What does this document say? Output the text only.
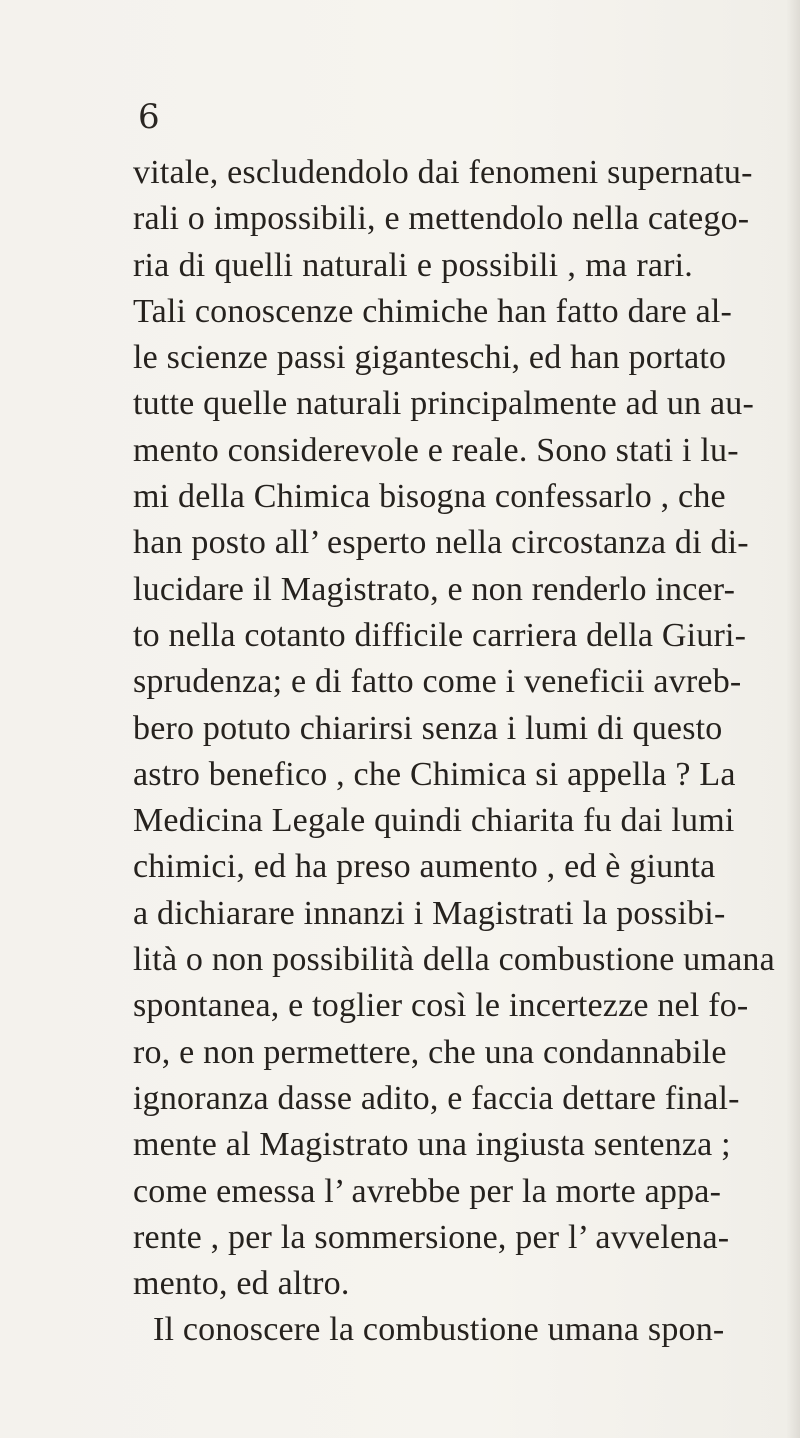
6
vitale, escludendolo dai fenomeni supernatu-
rali o impossibili, e mettendolo nella catego-
ria di quelli naturali e possibili , ma rari.
Tali conoscenze chimiche han fatto dare al-
le scienze passi giganteschi, ed han portato
tutte quelle naturali principalmente ad un au-
mento considerevole e reale. Sono stati i lu-
mi della Chimica bisogna confessarlo , che
han posto all’ esperto nella circostanza di di-
lucidare il Magistrato, e non renderlo incer-
to nella cotanto difficile carriera della Giuri-
sprudenza; e di fatto come i veneficii avreb-
bero potuto chiarirsi senza i lumi di questo
astro benefico , che Chimica si appella ? La
Medicina Legale quindi chiarita fu dai lumi
chimici, ed ha preso aumento , ed è giunta
a dichiarare innanzi i Magistrati la possibi-
lità o non possibilità della combustione umana
spontanea, e toglier così le incertezze nel fo-
ro, e non permettere, che una condannabile
ignoranza dasse adito, e faccia dettare final-
mente al Magistrato una ingiusta sentenza ;
come emessa l’ avrebbe per la morte appa-
rente , per la sommersione, per l’ avvelena-
mento, ed altro.
Il conoscere la combustione umana spon-
